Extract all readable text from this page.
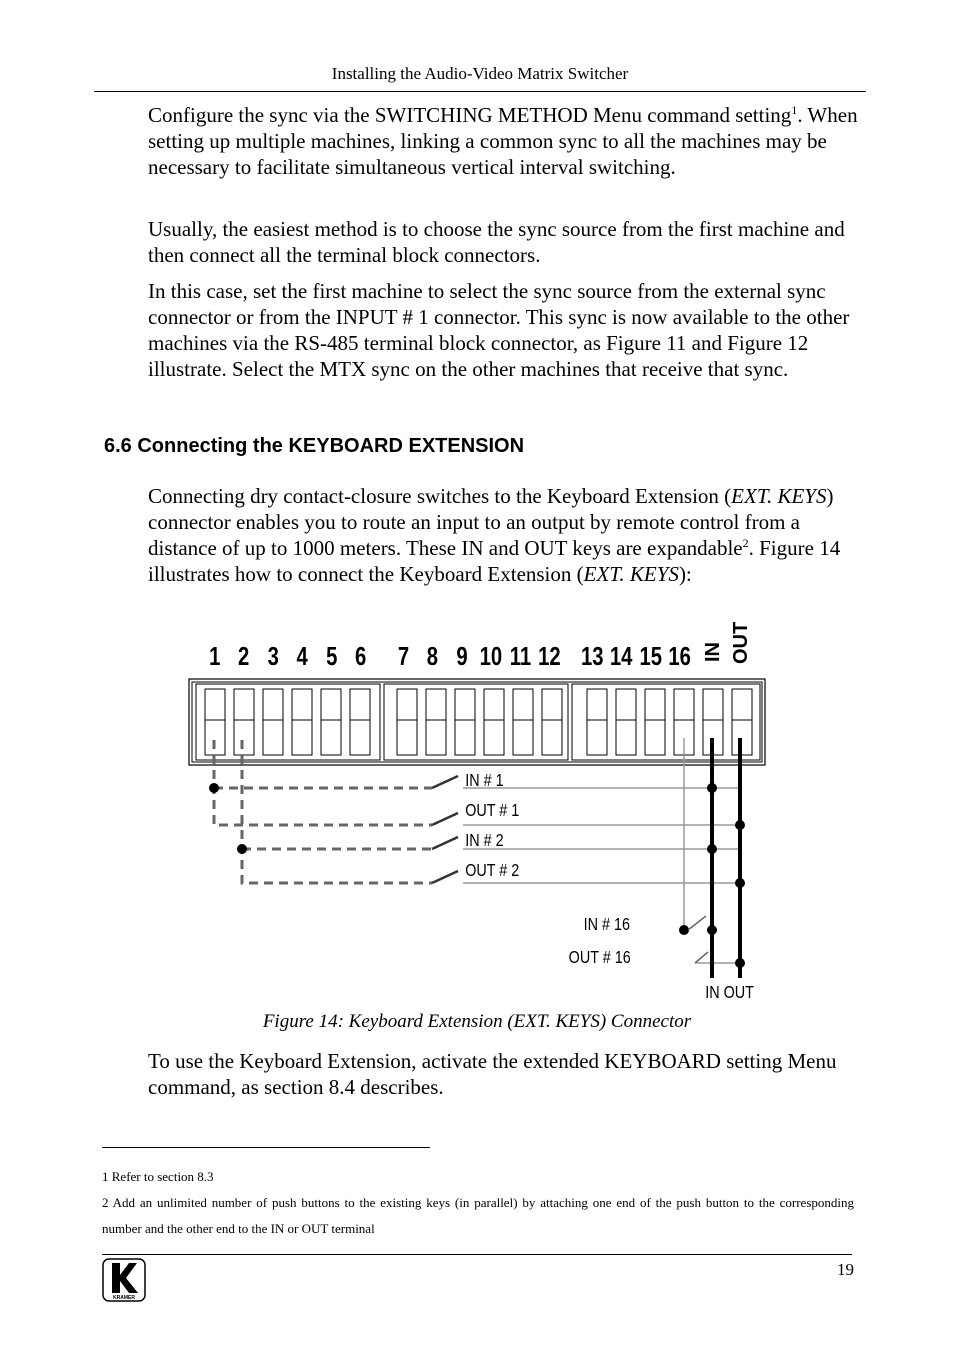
Installing the Audio-Video Matrix Switcher
Configure the sync via the SWITCHING METHOD Menu command setting$^1$. When setting up multiple machines, linking a common sync to all the machines may be necessary to facilitate simultaneous vertical interval switching.
Usually, the easiest method is to choose the sync source from the first machine and then connect all the terminal block connectors.
In this case, set the first machine to select the sync source from the external sync connector or from the INPUT # 1 connector. This sync is now available to the other machines via the RS-485 terminal block connector, as Figure 11 and Figure 12 illustrate. Select the MTX sync on the other machines that receive that sync.
6.6 Connecting the KEYBOARD EXTENSION
Connecting dry contact-closure switches to the Keyboard Extension (EXT. KEYS) connector enables you to route an input to an output by remote control from a distance of up to 1000 meters. These IN and OUT keys are expandable$^2$. Figure 14 illustrates how to connect the Keyboard Extension (EXT. KEYS):
1 2 3 4 5 6 7 8 9 10 11 12 13 14 15 16 IN OUT
IN # 1
OUT # 1
IN # 2
OUT # 2
IN # 16
OUT # 16
IN OUT
Figure 14: Keyboard Extension (EXT. KEYS) Connector
To use the Keyboard Extension, activate the extended KEYBOARD setting Menu command, as section 8.4 describes.
1 Refer to section 8.3
2 Add an unlimited number of push buttons to the existing keys (in parallel) by attaching one end of the push button to the corresponding number and the other end to the IN or OUT terminal
KRAMER
19
